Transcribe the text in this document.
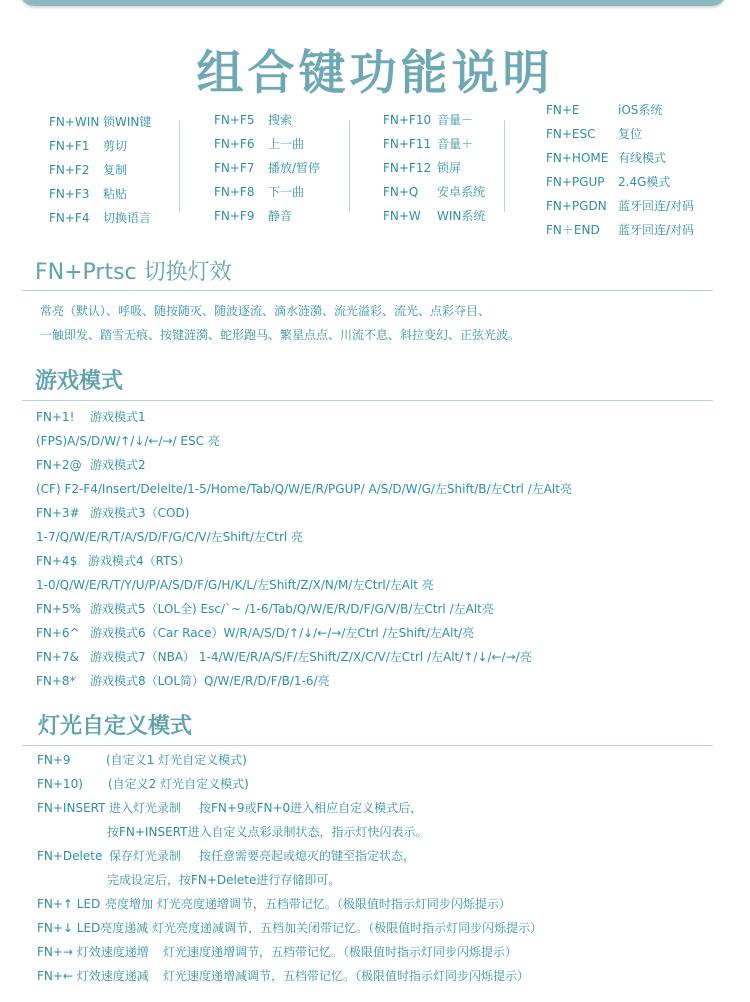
组合键功能说明
FN+WIN 锁WIN键
FN+F1 剪切
FN+F2 复制
FN+F3 粘贴
FN+F4 切换语言
FN+F5 搜索
FN+F6 上一曲
FN+F7 播放/暂停
FN+F8 下一曲
FN+F9 静音
FN+F10 音量－
FN+F11 音量＋
FN+F12 锁屏
FN+Q 安卓系统
FN+W WIN系统
FN+E	iOS系统
FN+ESC 复位
FN+HOME 有线模式
FN+PGUP 2.4G模式
FN+PGDN 蓝牙回连/对码
FN＋END 蓝牙回连/对码
FN+Prtsc 切换灯效
常亮（默认）、呼吸、随按随灭、随波逐流、滴水涟漪、流光溢彩、流光、点彩夺目、
一触即发、踏雪无痕、按键涟漪、蛇形跑马、繁星点点、川流不息、斜拉变幻、正弦光波。
游戏模式
FN+1! 游戏模式1
(FPS)A/S/D/W/↑/↓/←/→/ ESC 亮
FN+2@ 游戏模式2
(CF) F2-F4/Insert/Delelte/1-5/Home/Tab/Q/W/E/R/PGUP/ A/S/D/W/G/左Shift/B/左Ctrl /左Alt亮
FN+3# 游戏模式3（COD)
1-7/Q/W/E/R/T/A/S/D/F/G/C/V/左Shift/左Ctrl 亮
FN+4$ 游戏模式4（RTS）
1-0/Q/W/E/R/T/Y/U/P/A/S/D/F/G/H/K/L/左Shift/Z/X/N/M/左Ctrl/左Alt 亮
FN+5% 游戏模式5（LOL全) Esc/`~ /1-6/Tab/Q/W/E/R/D/F/G/V/B/左Ctrl /左Alt亮
FN+6^ 游戏模式6（Car Race）W/R/A/S/D/↑/↓/←/→/左Ctrl /左Shift/左Alt/亮
FN+7& 游戏模式7（NBA） 1-4/W/E/R/A/S/F/左Shift/Z/X/C/V/左Ctrl /左Alt/↑/↓/←/→/亮
FN+8* 游戏模式8（LOL简）Q/W/E/R/D/F/B/1-6/亮
灯光自定义模式
FN+9	(自定义1 灯光自定义模式)
FN+10) (自定义2 灯光自定义模式)
FN+INSERT 进入灯光录制 按FN+9或FN+0进入相应自定义模式后，
按FN+INSERT进入自定义点彩录制状态，指示灯快闪表示。
FN+Delete 保存灯光录制 按任意需要亮起或熄灭的键至指定状态，
完成设定后，按FN+Delete进行存储即可。
FN+↑ LED 亮度增加 灯光亮度递增调节，五档带记忆。（极限值时指示灯同步闪烁提示）
FN+↓ LED亮度递减 灯光亮度递减调节，五档加关闭带记忆。（极限值时指示灯同步闪烁提示）
FN+→ 灯效速度递增 灯光速度递增调节，五档带记忆。（极限值时指示灯同步闪烁提示）
FN+← 灯效速度递减 灯光速度递增减调节，五档带记忆。（极限值时指示灯同步闪烁提示）
